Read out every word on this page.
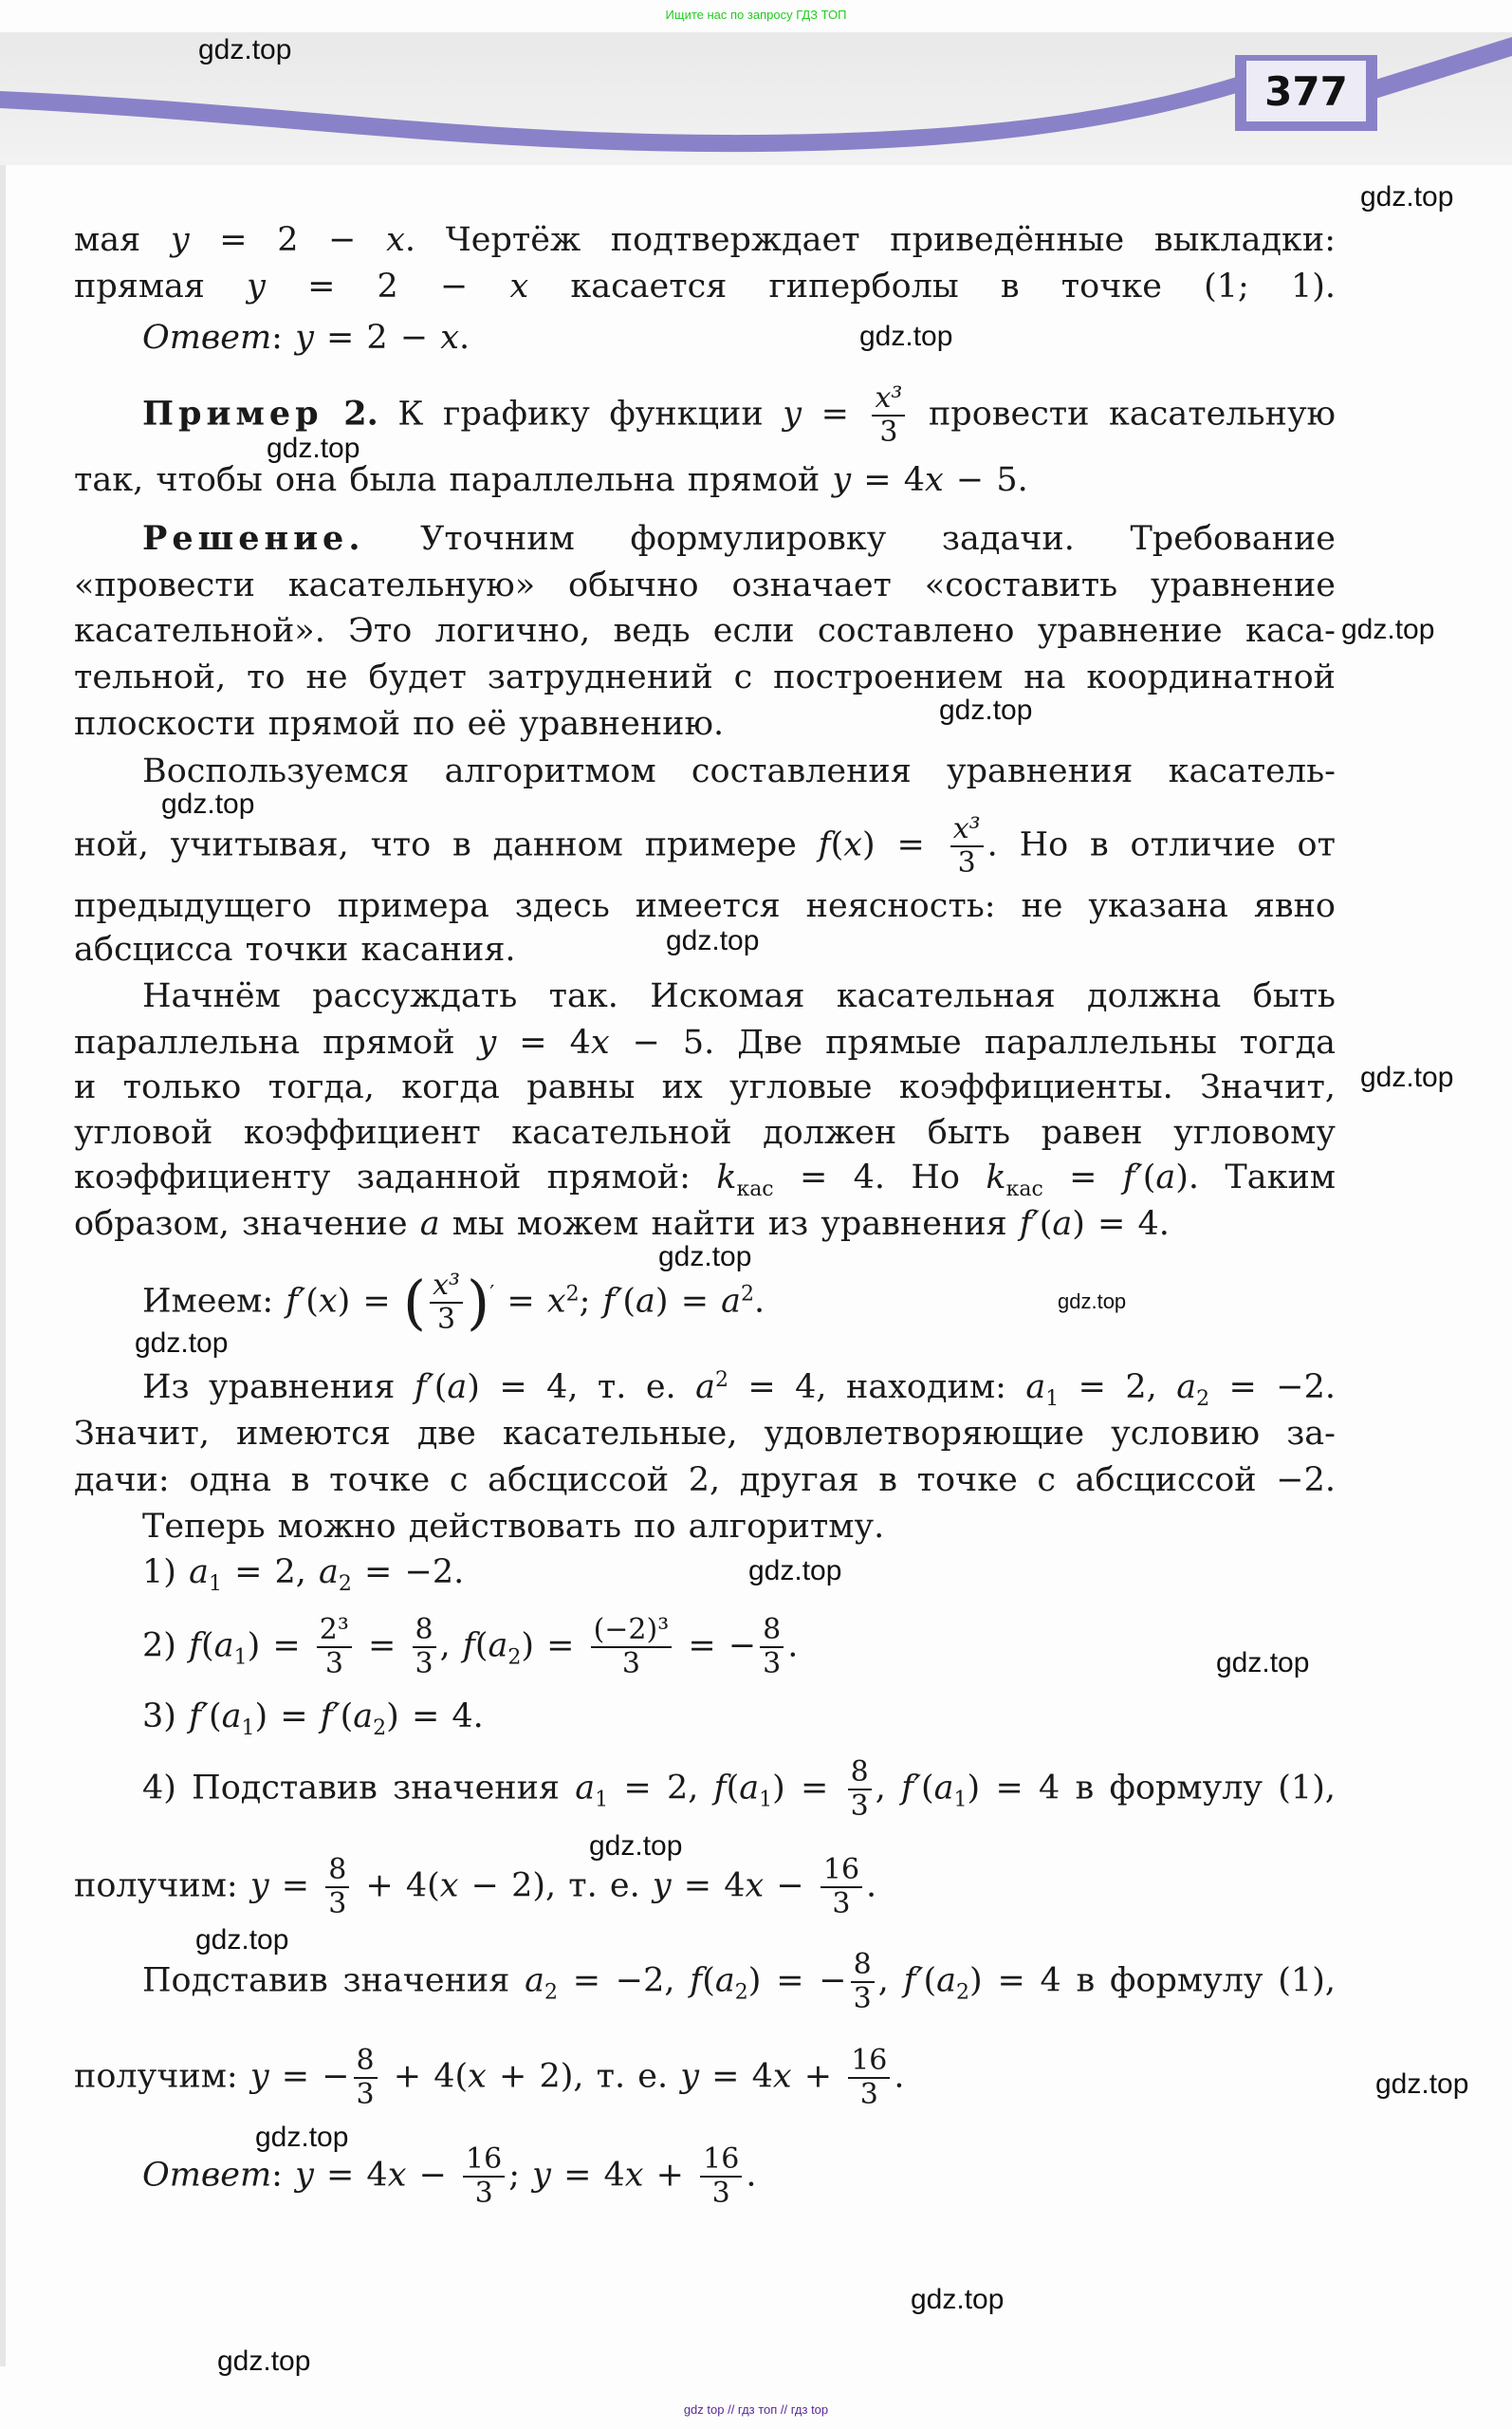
Ищите нас по запросу ГДЗ ТОП
377
мая y = 2 − x. Чертёж подтверждает приведённые выкладки:
прямая y = 2 − x касается гиперболы в точке (1; 1).
Ответ: y = 2 − x.
Пример 2. К графику функции $y = \frac{\text{x³}}{3}$ провести касательную
так, чтобы она была параллельна прямой y = 4x − 5.
Решение. Уточним формулировку задачи. Требование
«провести касательную» обычно означает «составить уравнение
касательной». Это логично, ведь если составлено уравнение каса-
тельной, то не будет затруднений с построением на координатной
плоскости прямой по её уравнению.
Воспользуемся алгоритмом составления уравнения касатель-
ной, учитывая, что в данном примере $f(x) = \frac{\text{x³}}{3}$ . Но в отличие от
предыдущего примера здесь имеется неясность: не указана явно
абсцисса точки касания.
Начнём рассуждать так. Искомая касательная должна быть
параллельна прямой y = 4x − 5. Две прямые параллельны тогда
и только тогда, когда равны их угловые коэффициенты. Значит,
угловой коэффициент касательной должен быть равен угловому
коэффициенту заданной прямой: $k_{кас} = 4$. Но $k_{кас} = f'(a)$. Таким
образом, значение a мы можем найти из уравнения f′(a) = 4.
Имеем: f′(x) = ( $\frac{\text{x³}}{3} )' = x^2$; $f'(a) = a^2$.
Из уравнения f′(a) = 4, т. е. $a^2 = 4$, находим: $a_1 = 2$, $a_2 = -2$.
Значит, имеются две касательные, удовлетворяющие условию за-
дачи: одна в точке с абсциссой 2, другая в точке с абсциссой −2.
Теперь можно действовать по алгоритму.
1) $a_1 = 2$, $a_2 = -2$.
2) $f(a_1) = \frac{\text{2³}}{3} = \frac{8}{3}$ , $f(a_2) = \frac{\text{(−2)³}}{3}$ = − $\frac{8}{3}$ .
3) $f'(a_1) = f'(a_2) = 4$.
4) Подставив значения $a_1 = 2$, $f(a_1) = \frac{8}{3}$ , $f'(a_1) = 4$ в формулу (1),
получим: $y = \frac{8}{3} + 4(x - 2)$, т. е. $y = 4x - \frac{16}{3}$ .
Подставив значения $a_2 = -2$, $f(a_2)$ = − $\frac{8}{3}$ , $f'(a_2) = 4$ в формулу (1),
получим: y = − $\frac{8}{3} + 4(x + 2)$, т. е. $y = 4x + \frac{16}{3}$ .
Ответ: $y = 4x - \frac{16}{3}$ ; $y = 4x + \frac{16}{3}$ .
gdz.top
gdz.top
gdz.top
gdz.top
gdz.top
gdz.top
gdz.top
gdz.top
gdz.top
gdz.top
gdz.top
gdz.top
gdz.top
gdz.top
gdz.top
gdz.top
gdz.top
gdz.top
gdz.top
gdz.top
gdz top // гдз топ // гдз top
